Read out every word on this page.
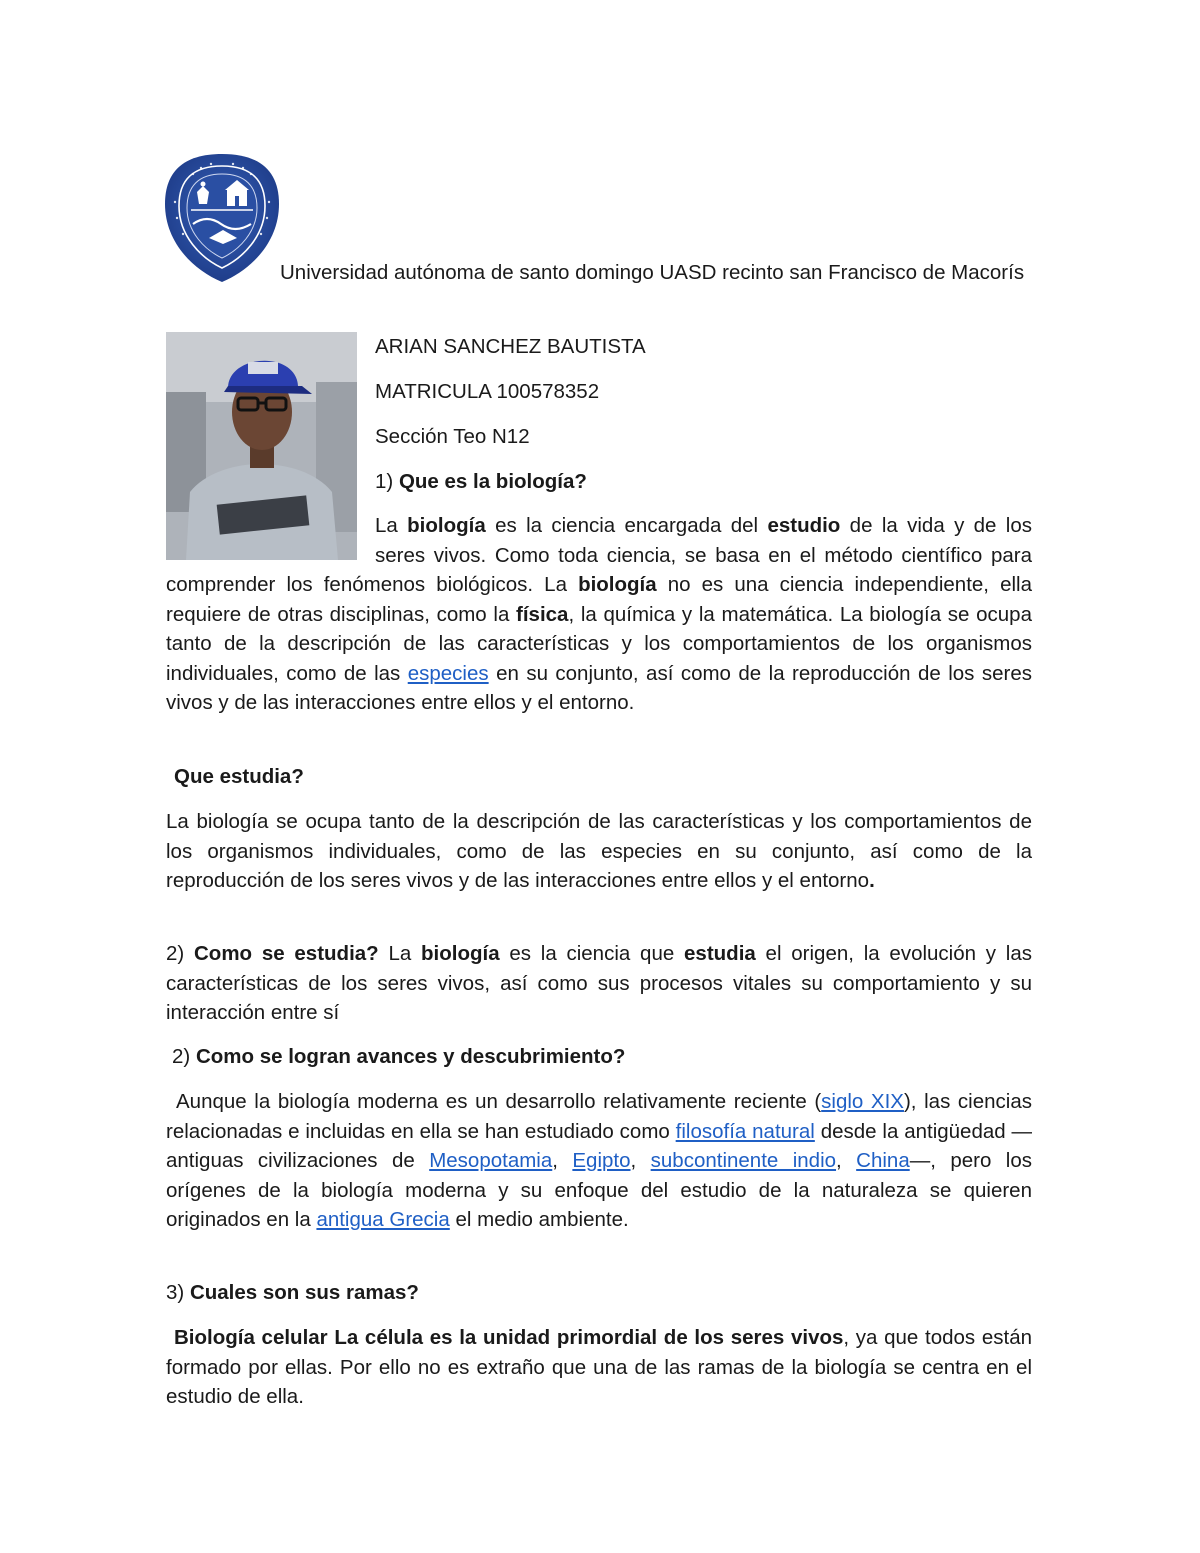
Universidad autónoma de santo domingo UASD recinto san Francisco de Macorís

ARIAN SANCHEZ BAUTISTA

MATRICULA 100578352

Sección Teo N12

1) Que es la biología?

La biología es la ciencia encargada del estudio de la vida y de los seres vivos. Como toda ciencia, se basa en el método científico para comprender los fenómenos biológicos. La biología no es una ciencia independiente, ella requiere de otras disciplinas, como la física, la química y la matemática. La biología se ocupa tanto de la descripción de las características y los comportamientos de los organismos individuales, como de las especies en su conjunto, así como de la reproducción de los seres vivos y de las interacciones entre ellos y el entorno.

Que estudia?

La biología se ocupa tanto de la descripción de las características y los comportamientos de los organismos individuales, como de las especies en su conjunto, así como de la reproducción de los seres vivos y de las interacciones entre ellos y el entorno.

2) Como se estudia? La biología es la ciencia que estudia el origen, la evolución y las características de los seres vivos, así como sus procesos vitales su comportamiento y su interacción entre sí

2) Como se logran avances y descubrimiento?

Aunque la biología moderna es un desarrollo relativamente reciente (siglo XIX), las ciencias relacionadas e incluidas en ella se han estudiado como filosofía natural desde la antigüedad —antiguas civilizaciones de Mesopotamia, Egipto, subcontinente indio, China—, pero los orígenes de la biología moderna y su enfoque del estudio de la naturaleza se quieren originados en la antigua Grecia el medio ambiente.

3) Cuales son sus ramas?

Biología celular La célula es la unidad primordial de los seres vivos, ya que todos están formado por ellas. Por ello no es extraño que una de las ramas de la biología se centra en el estudio de ella.
